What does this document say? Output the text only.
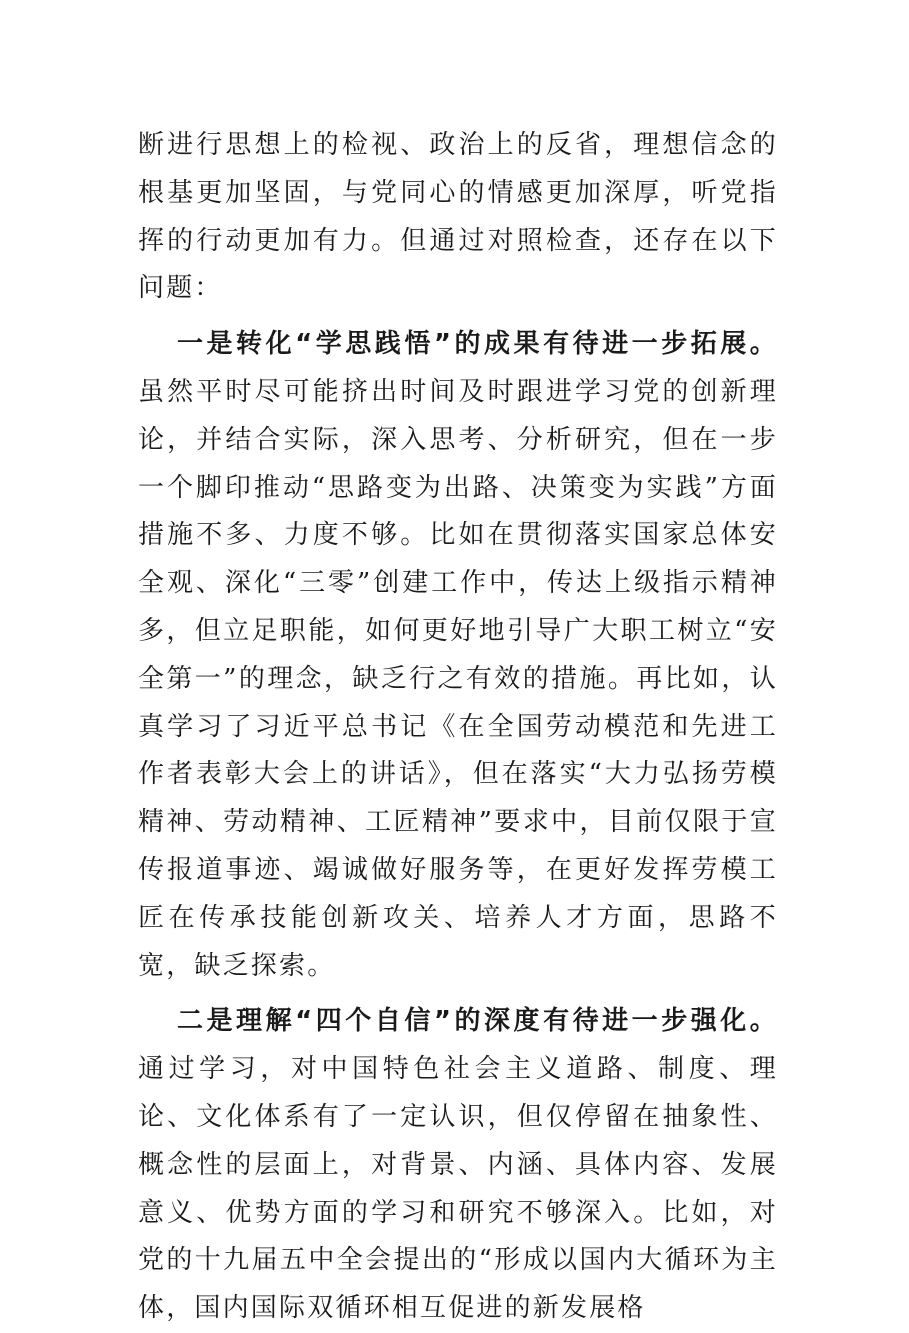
断进行思想上的检视、政治上的反省，理想信念的根基更加坚固，与党同心的情感更加深厚，听党指挥的行动更加有力。但通过对照检查，还存在以下问题：

一是转化“学思践悟”的成果有待进一步拓展。虽然平时尽可能挤出时间及时跟进学习党的创新理论，并结合实际，深入思考、分析研究，但在一步一个脚印推动“思路变为出路、决策变为实践”方面措施不多、力度不够。比如在贯彻落实国家总体安全观、深化“三零”创建工作中，传达上级指示精神多，但立足职能，如何更好地引导广大职工树立“安全第一”的理念，缺乏行之有效的措施。再比如，认真学习了习近平总书记《在全国劳动模范和先进工作者表彰大会上的讲话》，但在落实“大力弘扬劳模精神、劳动精神、工匠精神”要求中，目前仅限于宣传报道事迹、竭诚做好服务等，在更好发挥劳模工匠在传承技能创新攻关、培养人才方面，思路不宽，缺乏探索。

二是理解“四个自信”的深度有待进一步强化。通过学习，对中国特色社会主义道路、制度、理论、文化体系有了一定认识，但仅停留在抽象性、概念性的层面上，对背景、内涵、具体内容、发展意义、优势方面的学习和研究不够深入。比如，对党的十九届五中全会提出的“形成以国内大循环为主体，国内国际双循环相互促进的新发展格
